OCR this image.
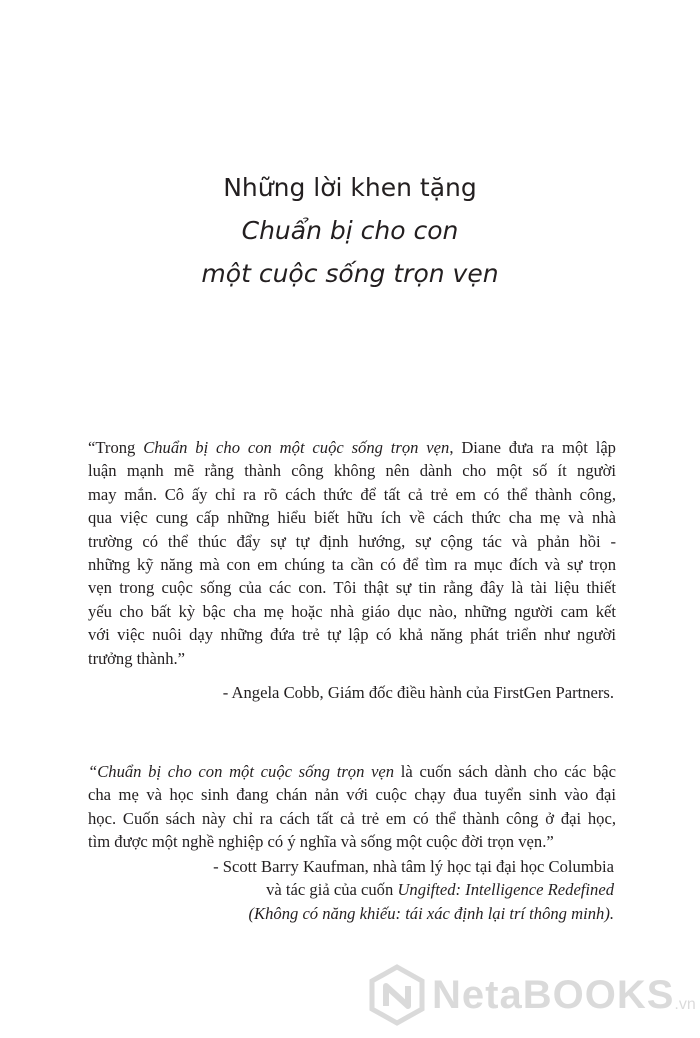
Những lời khen tặng
Chuẩn bị cho con
một cuộc sống trọn vẹn
“Trong Chuẩn bị cho con một cuộc sống trọn vẹn, Diane đưa ra một lập
luận mạnh mẽ rằng thành công không nên dành cho một số ít người
may mắn. Cô ấy chỉ ra rõ cách thức để tất cả trẻ em có thể thành công,
qua việc cung cấp những hiểu biết hữu ích về cách thức cha mẹ và nhà
trường có thể thúc đẩy sự tự định hướng, sự cộng tác và phản hồi -
những kỹ năng mà con em chúng ta cần có để tìm ra mục đích và sự trọn
vẹn trong cuộc sống của các con. Tôi thật sự tin rằng đây là tài liệu thiết
yếu cho bất kỳ bậc cha mẹ hoặc nhà giáo dục nào, những người cam kết
với việc nuôi dạy những đứa trẻ tự lập có khả năng phát triển như người
trưởng thành.”
- Angela Cobb, Giám đốc điều hành của FirstGen Partners.
“Chuẩn bị cho con một cuộc sống trọn vẹn là cuốn sách dành cho các bậc
cha mẹ và học sinh đang chán nản với cuộc chạy đua tuyển sinh vào đại
học. Cuốn sách này chỉ ra cách tất cả trẻ em có thể thành công ở đại học,
tìm được một nghề nghiệp có ý nghĩa và sống một cuộc đời trọn vẹn.”
- Scott Barry Kaufman, nhà tâm lý học tại đại học Columbia
và tác giả của cuốn Ungifted: Intelligence Redefined
(Không có năng khiếu: tái xác định lại trí thông minh).
NetaBOOKS .vn
